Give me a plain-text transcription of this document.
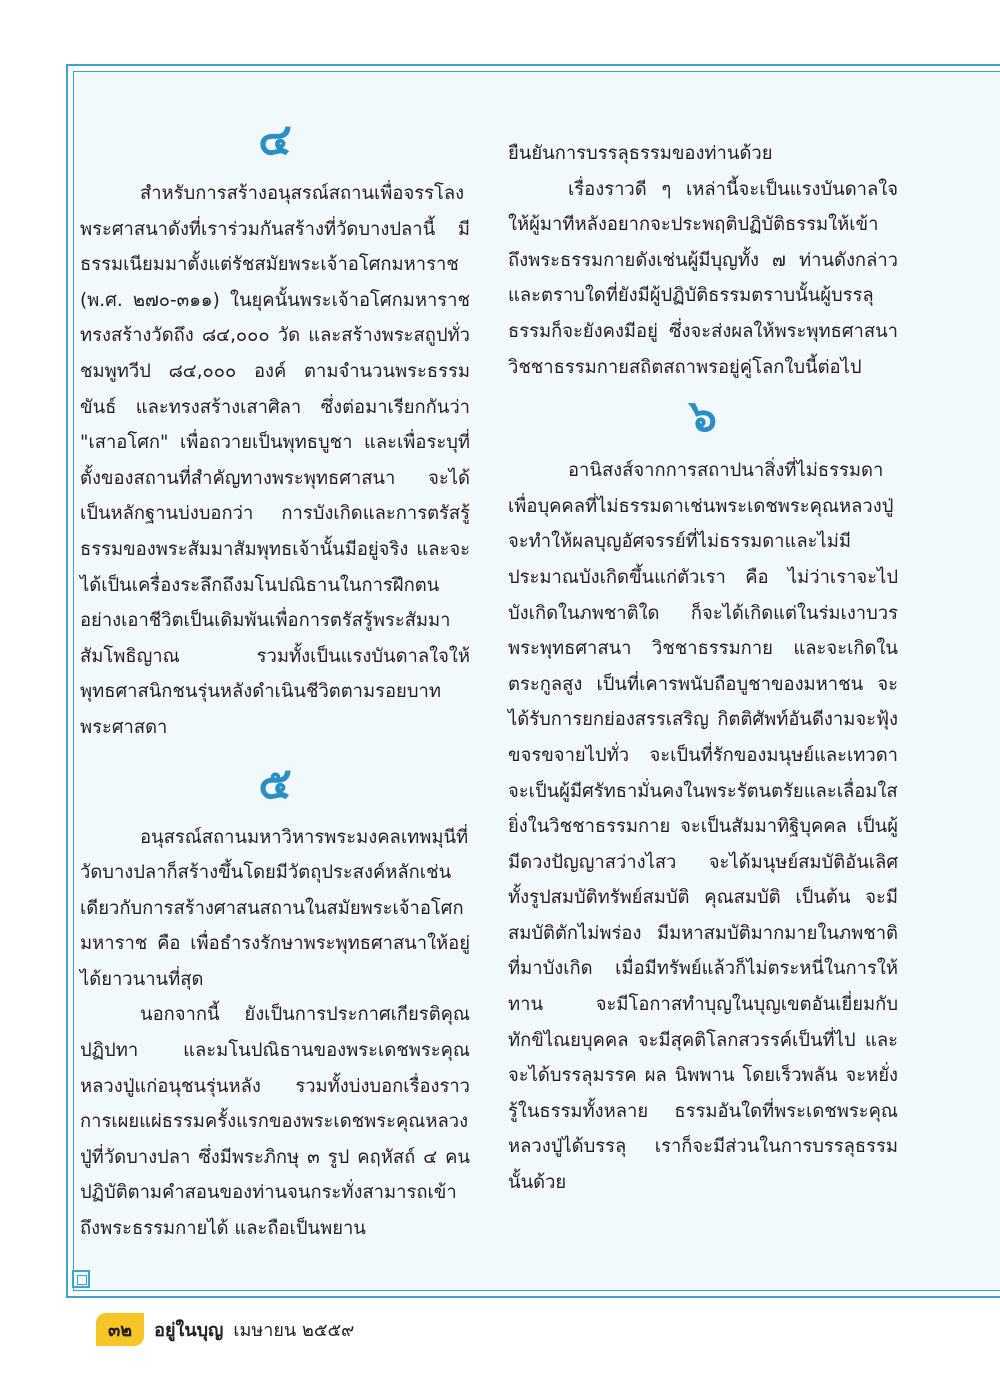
๔

สำหรับการสร้างอนุสรณ์สถานเพื่อจรรโลงพระศาสนาดังที่เราร่วมกันสร้างที่วัดบางปลานี้ มีธรรมเนียมมาตั้งแต่รัชสมัยพระเจ้าอโศกมหาราช (พ.ศ. ๒๗๐-๓๑๑) ในยุคนั้นพระเจ้าอโศกมหาราชทรงสร้างวัดถึง ๘๔,๐๐๐ วัด และสร้างพระสถูปทั่วชมพูทวีป ๘๔,๐๐๐ องค์ ตามจำนวนพระธรรมขันธ์ และทรงสร้างเสาศิลา ซึ่งต่อมาเรียกกันว่า "เสาอโศก" เพื่อถวายเป็นพุทธบูชา และเพื่อระบุที่ตั้งของสถานที่สำคัญทางพระพุทธศาสนา จะได้เป็นหลักฐานบ่งบอกว่า การบังเกิดและการตรัสรู้ธรรมของพระสัมมาสัมพุทธเจ้านั้นมีอยู่จริง และจะได้เป็นเครื่องระลึกถึงมโนปณิธานในการฝึกตนอย่างเอาชีวิตเป็นเดิมพันเพื่อการตรัสรู้พระสัมมาสัมโพธิญาณ รวมทั้งเป็นแรงบันดาลใจให้พุทธศาสนิกชนรุ่นหลังดำเนินชีวิตตามรอยบาทพระศาสดา

๕

อนุสรณ์สถานมหาวิหารพระมงคลเทพมุนีที่วัดบางปลาก็สร้างขึ้นโดยมีวัตถุประสงค์หลักเช่นเดียวกับการสร้างศาสนสถานในสมัยพระเจ้าอโศกมหาราช คือ เพื่อธำรงรักษาพระพุทธศาสนาให้อยู่ได้ยาวนานที่สุด

นอกจากนี้ ยังเป็นการประกาศเกียรติคุณปฏิปทา และมโนปณิธานของพระเดชพระคุณหลวงปู่แก่อนุชนรุ่นหลัง รวมทั้งบ่งบอกเรื่องราวการเผยแผ่ธรรมครั้งแรกของพระเดชพระคุณหลวงปู่ที่วัดบางปลา ซึ่งมีพระภิกษุ ๓ รูป คฤหัสถ์ ๔ คน ปฏิบัติตามคำสอนของท่านจนกระทั่งสามารถเข้าถึงพระธรรมกายได้ และถือเป็นพยาน

ยืนยันการบรรลุธรรมของท่านด้วย

เรื่องราวดี ๆ เหล่านี้จะเป็นแรงบันดาลใจให้ผู้มาทีหลังอยากจะประพฤติปฏิบัติธรรมให้เข้าถึงพระธรรมกายดังเช่นผู้มีบุญทั้ง ๗ ท่านดังกล่าว และตราบใดที่ยังมีผู้ปฏิบัติธรรมตราบนั้นผู้บรรลุธรรมก็จะยังคงมีอยู่ ซึ่งจะส่งผลให้พระพุทธศาสนา วิชชาธรรมกายสถิตสถาพรอยู่คู่โลกใบนี้ต่อไป

๖

อานิสงส์จากการสถาปนาสิ่งที่ไม่ธรรมดาเพื่อบุคคลที่ไม่ธรรมดาเช่นพระเดชพระคุณหลวงปู่ จะทำให้ผลบุญอัศจรรย์ที่ไม่ธรรมดาและไม่มีประมาณบังเกิดขึ้นแก่ตัวเรา คือ ไม่ว่าเราจะไปบังเกิดในภพชาติใด ก็จะได้เกิดแต่ในร่มเงาบวรพระพุทธศาสนา วิชชาธรรมกาย และจะเกิดในตระกูลสูง เป็นที่เคารพนับถือบูชาของมหาชน จะได้รับการยกย่องสรรเสริญ กิตติศัพท์อันดีงามจะฟุ้งขจรขจายไปทั่ว จะเป็นที่รักของมนุษย์และเทวดา จะเป็นผู้มีศรัทธามั่นคงในพระรัตนตรัยและเลื่อมใสยิ่งในวิชชาธรรมกาย จะเป็นสัมมาทิฐิบุคคล เป็นผู้มีดวงปัญญาสว่างไสว จะได้มนุษย์สมบัติอันเลิศ ทั้งรูปสมบัติทรัพย์สมบัติ คุณสมบัติ เป็นต้น จะมีสมบัติตักไม่พร่อง มีมหาสมบัติมากมายในภพชาติที่มาบังเกิด เมื่อมีทรัพย์แล้วก็ไม่ตระหนี่ในการให้ทาน จะมีโอกาสทำบุญในบุญเขตอันเยี่ยมกับทักขิไณยบุคคล จะมีสุคติโลกสวรรค์เป็นที่ไป และจะได้บรรลุมรรค ผล นิพพาน โดยเร็วพลัน จะหยั่งรู้ในธรรมทั้งหลาย ธรรมอันใดที่พระเดชพระคุณหลวงปู่ได้บรรลุ เราก็จะมีส่วนในการบรรลุธรรมนั้นด้วย

๓๒	อยู่ในบุญ เมษายน ๒๕๕๙
